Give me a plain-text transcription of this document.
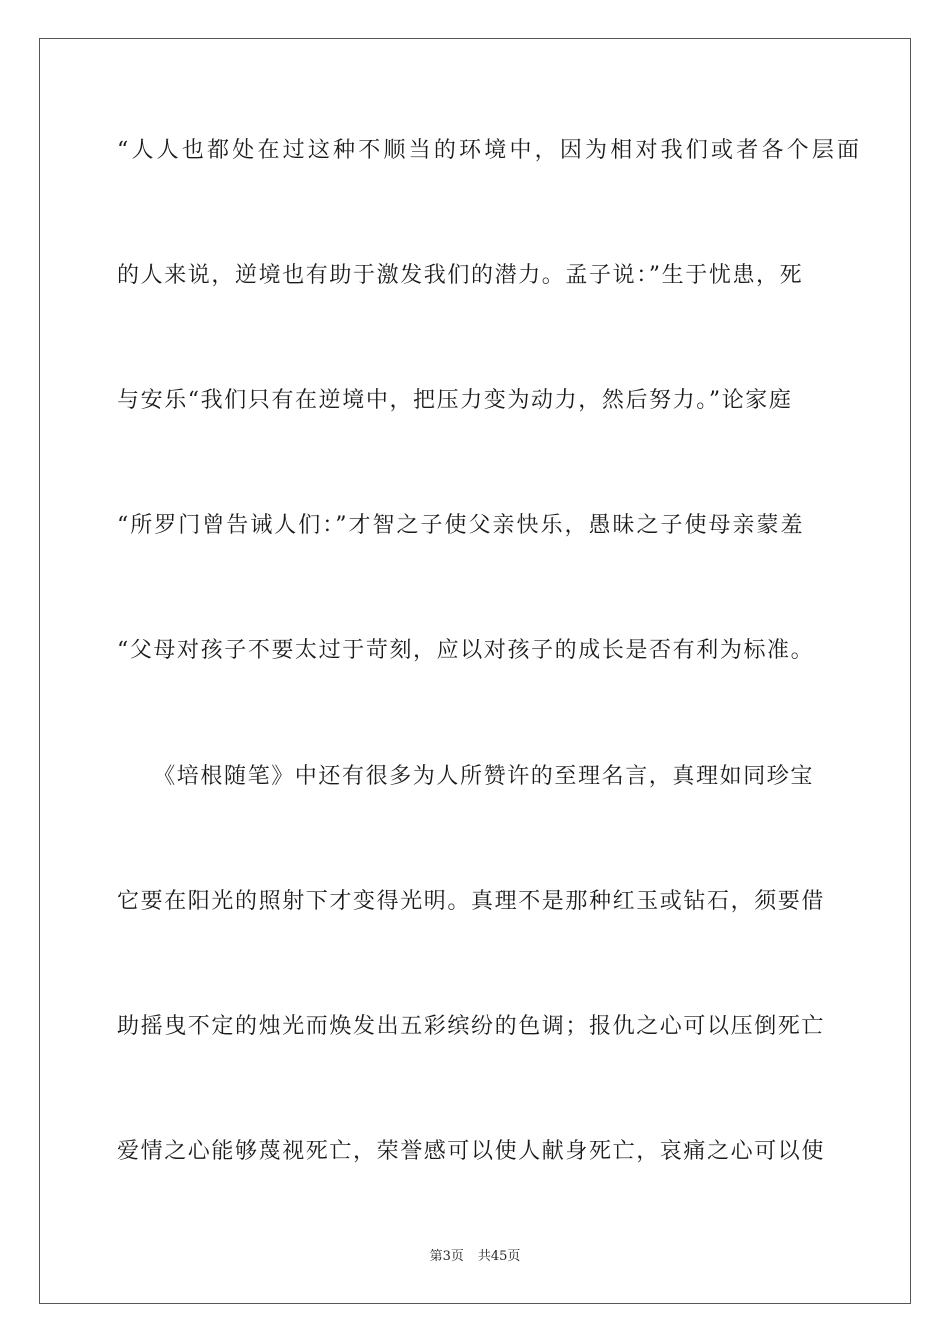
“人人也都处在过这种不顺当的环境中，因为相对我们或者各个层面
的人来说，逆境也有助于激发我们的潜力。孟子说：”生于忧患，死
与安乐“我们只有在逆境中，把压力变为动力，然后努力。”论家庭
“所罗门曾告诫人们：”才智之子使父亲快乐，愚昧之子使母亲蒙羞
“父母对孩子不要太过于苛刻，应以对孩子的成长是否有利为标准。
　　《培根随笔》中还有很多为人所赞许的至理名言，真理如同珍宝
它要在阳光的照射下才变得光明。真理不是那种红玉或钻石，须要借
助摇曳不定的烛光而焕发出五彩缤纷的色调；报仇之心可以压倒死亡
爱情之心能够蔑视死亡，荣誉感可以使人献身死亡，哀痛之心可以使
第3页 共45页
